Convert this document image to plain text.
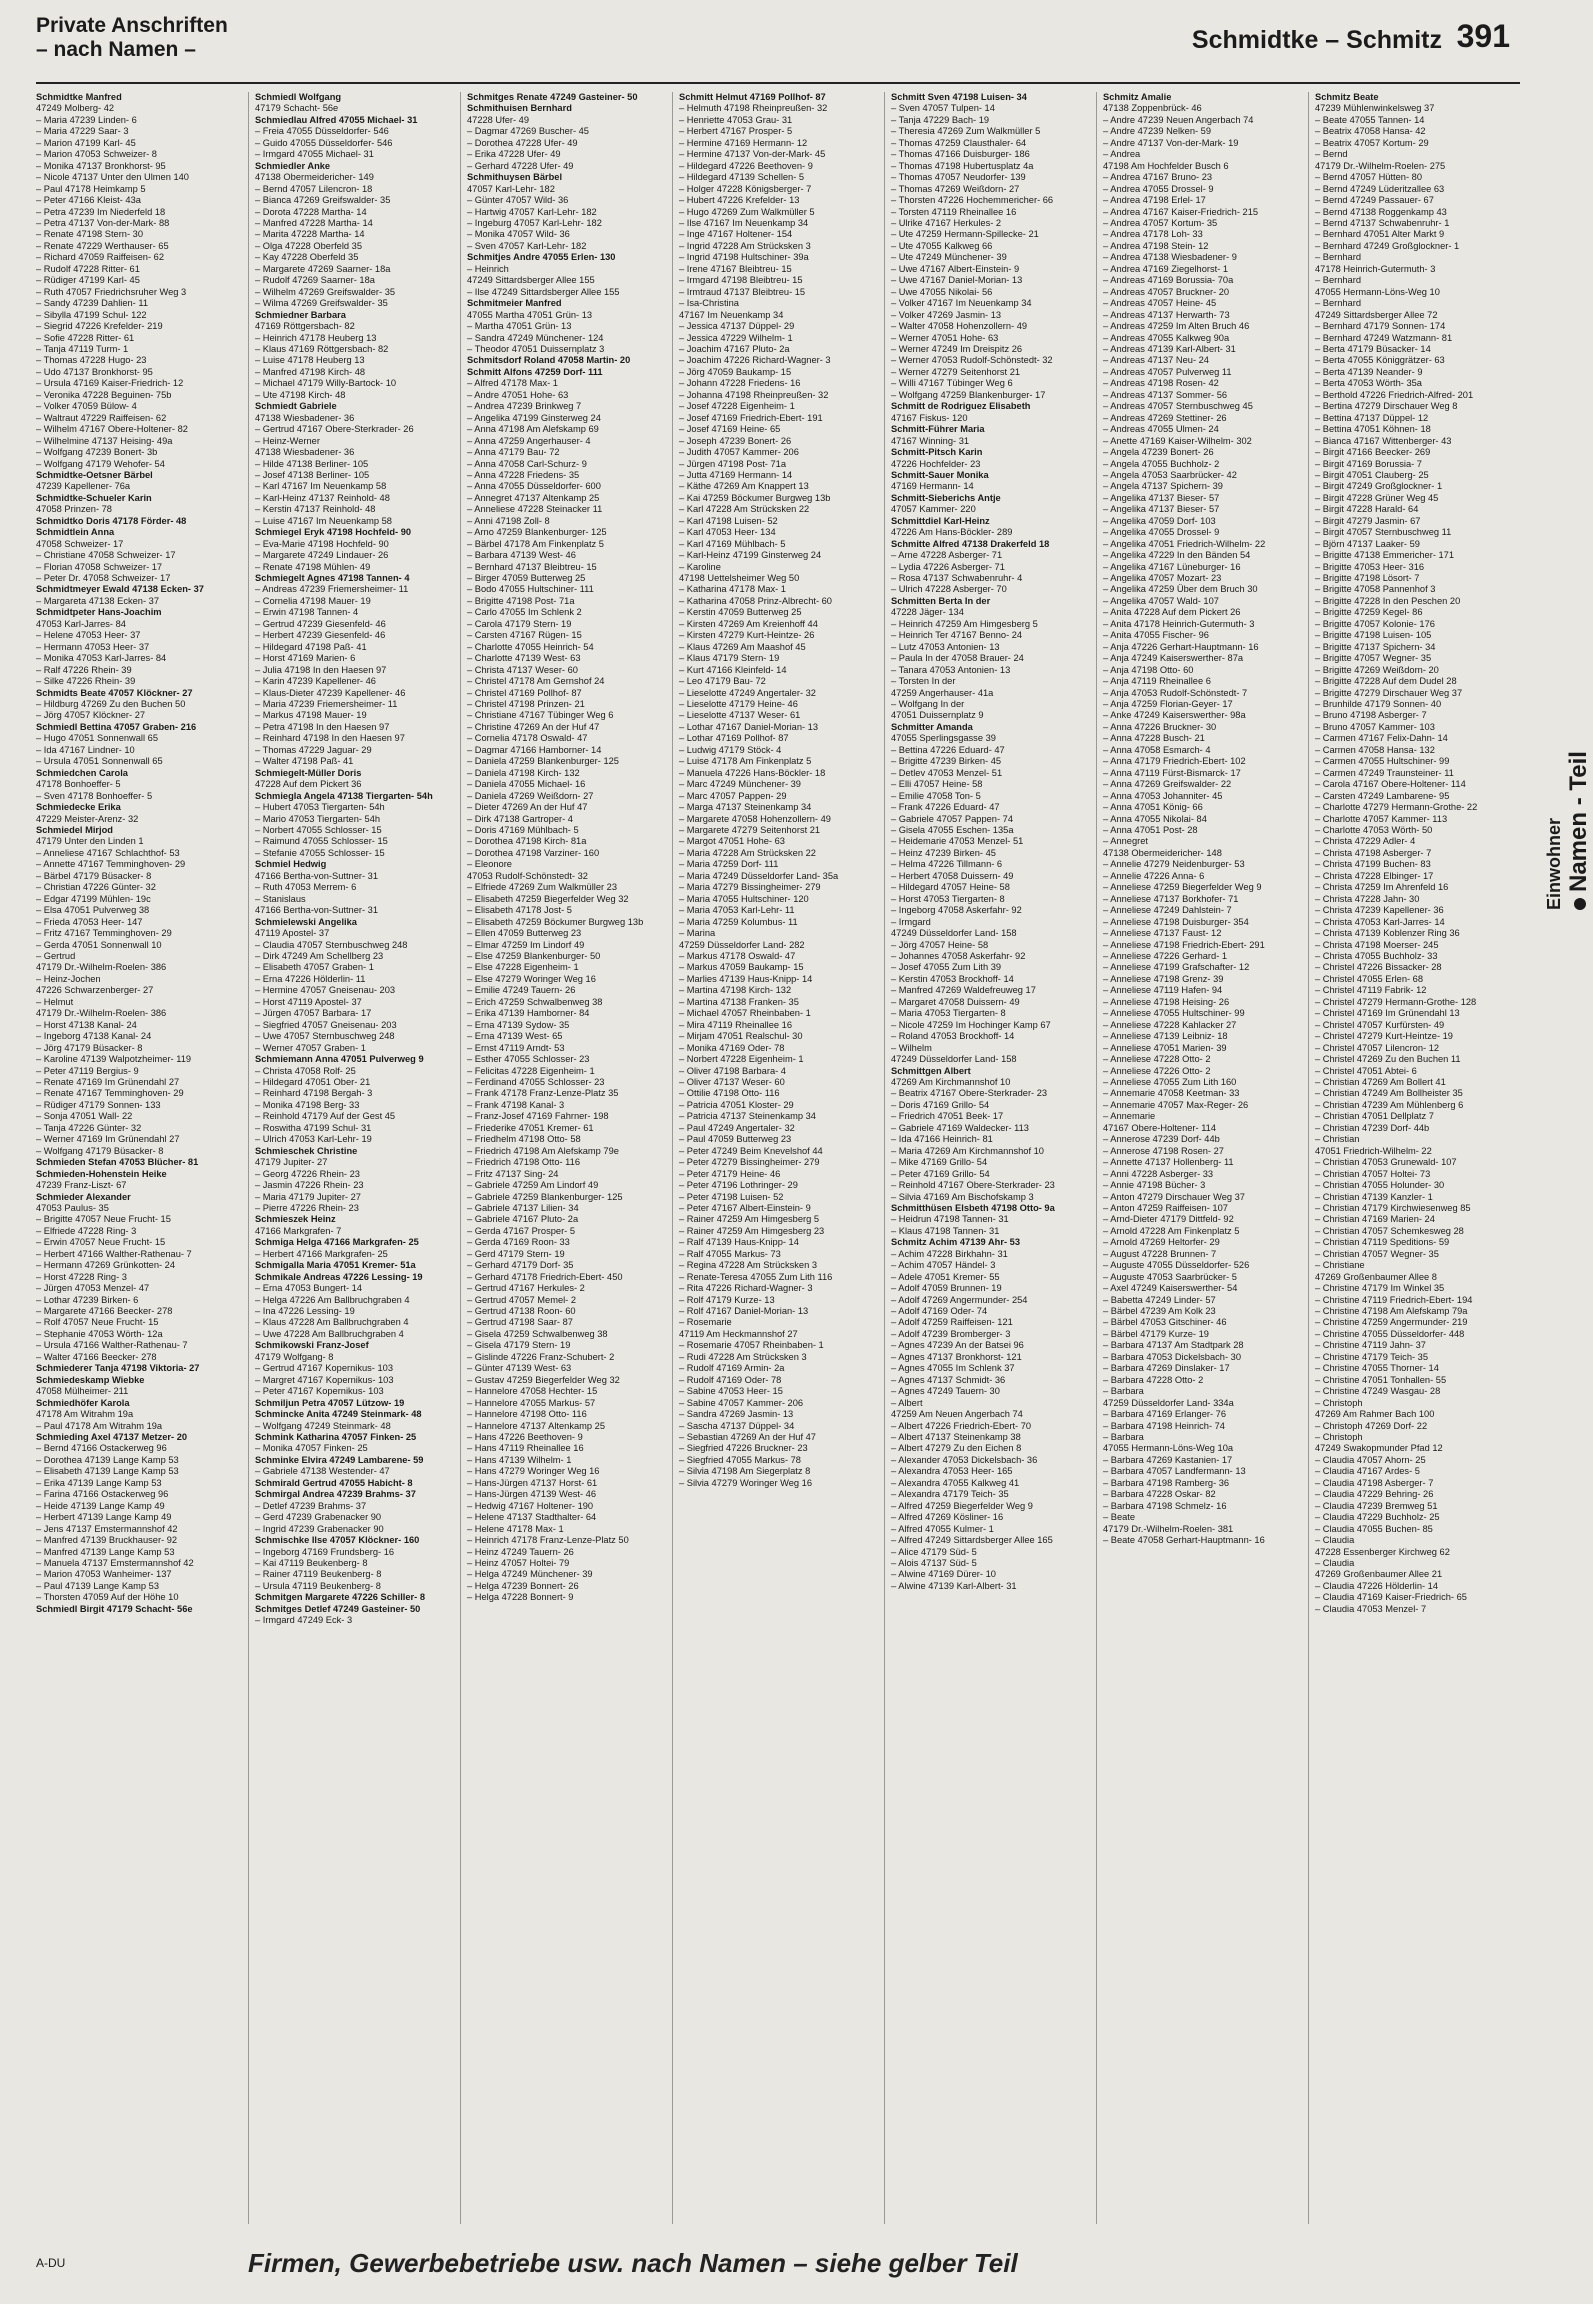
Private Anschriften
– nach Namen –	Schmidtke – Schmitz 391
Schmidtke Manfred
47249 Molberg- 42
– Maria 47239 Linden- 6
– Maria 47229 Saar- 3
– Marion 47199 Karl- 45
– Marion 47053 Schweizer- 8
– Monika 47137 Bronkhorst- 95
– Nicole 47137 Unter den Ulmen 140
– Paul 47178 Heimkamp 5
– Peter 47166 Kleist- 43a
– Petra 47239 Im Niederfeld 18
– Petra 47137 Von-der-Mark- 88
– Renate 47198 Stern- 30
– Renate 47229 Werthauser- 65
– Richard 47059 Raiffeisen- 62
– Rudolf 47228 Ritter- 61
– Rüdiger 47199 Karl- 45
– Ruth 47057 Friedrichsruher Weg 3
– Sandy 47239 Dahlien- 11
– Sibylla 47199 Schul- 122
– Siegrid 47226 Krefelder- 219
– Sofie 47228 Ritter- 61
– Tanja 47119 Turm- 1
– Thomas 47228 Hugo- 23
– Udo 47137 Bronkhorst- 95
– Ursula 47169 Kaiser-Friedrich- 12
– Veronika 47228 Beguinen- 75b
– Volker 47059 Bülow- 4
– Waltraut 47229 Raiffeisen- 62
– Wilhelm 47167 Obere-Holtener- 82
– Wilhelmine 47137 Heising- 49a
– Wolfgang 47239 Bonert- 3b
– Wolfgang 47179 Wehofer- 54
Schmidtke-Oetsner Bärbel
47239 Kapellener- 76a
Schmidtke-Schueler Karin
47058 Prinzen- 78
Schmidtko Doris 47178 Förder- 48
Schmidtlein Anna
47058 Schweizer- 17
– Christiane 47058 Schweizer- 17
– Florian 47058 Schweizer- 17
– Peter Dr. 47058 Schweizer- 17
Schmidtmeyer Ewald 47138 Ecken- 37
– Margareta 47138 Ecken- 37
Schmidtpeter Hans-Joachim
47053 Karl-Jarres- 84
– Helene 47053 Heer- 37
– Hermann 47053 Heer- 37
– Monika 47053 Karl-Jarres- 84
– Ralf 47226 Rhein- 39
– Silke 47226 Rhein- 39
Schmidts Beate 47057 Klöckner- 27
– Hildburg 47269 Zu den Buchen 50
– Jörg 47057 Klöckner- 27
Schmiedl Bettina 47057 Graben- 216
– Hugo 47051 Sonnenwall 65
– Ida 47167 Lindner- 10
– Ursula 47051 Sonnenwall 65
Schmiedchen Carola
47178 Bonhoeffer- 5
– Sven 47178 Bonhoeffer- 5
Schmiedecke Erika
47229 Meister-Arenz- 32
Schmiedel Mirjod
47179 Unter den Linden 1
– Anneliese 47167 Schlachthof- 53
– Annette 47167 Temminghoven- 29
– Bärbel 47179 Büsacker- 8
– Christian 47226 Günter- 32
– Edgar 47199 Mühlen- 19c
– Elsa 47051 Pulverweg 38
– Frieda 47053 Heer- 147
– Fritz 47167 Temminghoven- 29
– Gerda 47051 Sonnenwall 10
– Gertrud
47179 Dr.-Wilhelm-Roelen- 386
– Heinz-Jochen
47226 Schwarzenberger- 27
– Helmut
47179 Dr.-Wilhelm-Roelen- 386
– Horst 47138 Kanal- 24
– Ingeborg 47138 Kanal- 24
– Jörg 47179 Büsacker- 8
– Karoline 47139 Walpotzheimer- 119
– Peter 47119 Bergius- 9
– Renate 47169 Im Grünendahl 27
– Renate 47167 Temminghoven- 29
– Rüdiger 47179 Sonnen- 133
– Sonja 47051 Wall- 22
– Tanja 47226 Günter- 32
– Werner 47169 Im Grünendahl 27
– Wolfgang 47179 Büsacker- 8
Schmieden Stefan 47053 Blücher- 81
Schmieden-Hohenstein Heike
47239 Franz-Liszt- 67
Schmieder Alexander
47053 Paulus- 35
– Brigitte 47057 Neue Frucht- 15
– Elfriede 47228 Ring- 3
– Erwin 47057 Neue Frucht- 15
– Herbert 47166 Walther-Rathenau- 7
– Hermann 47269 Grünkotten- 24
– Horst 47228 Ring- 3
– Jürgen 47053 Menzel- 47
– Lothar 47239 Birken- 6
– Margarete 47166 Beecker- 278
– Rolf 47057 Neue Frucht- 15
– Stephanie 47053 Wörth- 12a
– Ursula 47166 Walther-Rathenau- 7
– Walter 47166 Beecker- 278
Schmiederer Tanja 47198 Viktoria- 27
Schmiedeskamp Wiebke
47058 Mülheimer- 211
Schmiedhöfer Karola
47178 Am Witrahm 19a
– Paul 47178 Am Witrahm 19a
Schmieding Axel 47137 Metzer- 20
– Bernd 47166 Ostackerweg 96
– Dorothea 47139 Lange Kamp 53
– Elisabeth 47139 Lange Kamp 53
– Erika 47139 Lange Kamp 53
– Farina 47166 Ostackerweg 96
– Heide 47139 Lange Kamp 49
– Herbert 47139 Lange Kamp 49
– Jens 47137 Emstermannshof 42
– Manfred 47139 Bruckhauser- 92
– Manfred 47139 Lange Kamp 53
– Manuela 47137 Emstermannshof 42
– Marion 47053 Wanheimer- 137
– Paul 47139 Lange Kamp 53
– Thorsten 47059 Auf der Höhe 10
Schmiedl Birgit 47179 Schacht- 56e
Schmiedl Wolfgang
47179 Schacht- 56e
Schmiedlau Alfred 47055 Michael- 31
– Freia 47055 Düsseldorfer- 546
– Guido 47055 Düsseldorfer- 546
– Irmgard 47055 Michael- 31
Schmiedler Anke
47138 Obermeidericher- 149
– Bernd 47057 Lilencron- 18
– Bianca 47269 Greifswalder- 35
– Dorota 47228 Martha- 14
– Manfred 47228 Martha- 14
– Marita 47228 Martha- 14
– Olga 47228 Oberfeld 35
– Kay 47228 Oberfeld 35
– Margarete 47269 Saarner- 18a
– Rudolf 47269 Saarner- 18a
– Wilhelm 47269 Greifswalder- 35
– Wilma 47269 Greifswalder- 35
Schmiedner Barbara
47169 Röttgersbach- 82
– Heinrich 47178 Heuberg 13
– Klaus 47169 Röttgersbach- 82
– Luise 47178 Heuberg 13
– Manfred 47198 Kirch- 48
– Michael 47179 Willy-Bartock- 10
– Ute 47198 Kirch- 48
Schmiedt Gabriele
47138 Wiesbadener- 36
– Gertrud 47167 Obere-Sterkrader- 26
– Heinz-Werner
47138 Wiesbadener- 36
– Hilde 47138 Berliner- 105
– Josef 47138 Berliner- 105
– Karl 47167 Im Neuenkamp 58
– Karl-Heinz 47137 Reinhold- 48
– Kerstin 47137 Reinhold- 48
– Luise 47167 Im Neuenkamp 58
Schmiegel Eryk 47198 Hochfeld- 90
– Eva-Marie 47198 Hochfeld- 90
– Margarete 47249 Lindauer- 26
– Renate 47198 Mühlen- 49
Schmiegelt Agnes 47198 Tannen- 4
– Andreas 47239 Friemersheimer- 11
– Cornelia 47198 Mauer- 19
– Erwin 47198 Tannen- 4
– Gertrud 47239 Giesenfeld- 46
– Herbert 47239 Giesenfeld- 46
– Hildegard 47198 Paß- 41
– Horst 47169 Marien- 6
– Julia 47198 In den Haesen 97
– Karin 47239 Kapellener- 46
– Klaus-Dieter 47239 Kapellener- 46
– Maria 47239 Friemersheimer- 11
– Markus 47198 Mauer- 19
– Petra 47198 In den Haesen 97
– Reinhard 47198 In den Haesen 97
– Thomas 47229 Jaguar- 29
– Walter 47198 Paß- 41
Schmiegelt-Müller Doris
47228 Auf dem Pickert 36
Schmiegla Angela 47138 Tiergarten- 54h
– Hubert 47053 Tiergarten- 54h
– Mario 47053 Tiergarten- 54h
– Norbert 47055 Schlosser- 15
– Raimund 47055 Schlosser- 15
– Stefanie 47055 Schlosser- 15
Schmiel Hedwig
47166 Bertha-von-Suttner- 31
– Ruth 47053 Merrem- 6
– Stanislaus
47166 Bertha-von-Suttner- 31
Schmielewski Angelika
47119 Apostel- 37
– Claudia 47057 Sternbuschweg 248
– Dirk 47249 Am Schellberg 23
– Elisabeth 47057 Graben- 1
– Erna 47226 Hölderlin- 11
– Hermine 47057 Gneisenau- 203
– Horst 47119 Apostel- 37
– Jürgen 47057 Barbara- 17
– Siegfried 47057 Gneisenau- 203
– Uwe 47057 Sternbuschweg 248
– Werner 47057 Graben- 1
Schmiemann Anna 47051 Pulverweg 9
– Christa 47058 Rolf- 25
– Hildegard 47051 Ober- 21
– Reinhard 47198 Bergah- 3
– Monika 47198 Berg- 33
– Reinhold 47179 Auf der Gest 45
– Roswitha 47199 Schul- 31
– Ulrich 47053 Karl-Lehr- 19
Schmieschek Christine
47179 Jupiter- 27
– Georg 47226 Rhein- 23
– Jasmin 47226 Rhein- 23
– Maria 47179 Jupiter- 27
– Pierre 47226 Rhein- 23
Schmieszek Heinz
47166 Markgrafen- 7
Schmiga Helga 47166 Markgrafen- 25
– Herbert 47166 Markgrafen- 25
Schmigalla Maria 47051 Kremer- 51a
Schmikale Andreas 47226 Lessing- 19
– Erna 47053 Bungert- 14
– Helga 47226 Am Ballbruchgraben 4
– Ina 47226 Lessing- 19
– Klaus 47228 Am Ballbruchgraben 4
– Uwe 47228 Am Ballbruchgraben 4
Schmikowski Franz-Josef
47179 Wolfgang- 8
– Gertrud 47167 Kopernikus- 103
– Margret 47167 Kopernikus- 103
– Peter 47167 Kopernikus- 103
Schmiljun Petra 47057 Lützow- 19
Schmincke Anita 47249 Steinmark- 48
– Wolfgang 47249 Steinmark- 48
Schmink Katharina 47057 Finken- 25
– Monika 47057 Finken- 25
Schminke Elvira 47249 Lambarene- 59
– Gabriele 47138 Westender- 47
Schmirald Gertrud 47055 Habicht- 8
Schmirgal Andrea 47239 Brahms- 37
– Detlef 47239 Brahms- 37
– Gerd 47239 Grabenacker 90
– Ingrid 47239 Grabenacker 90
Schmischke Ilse 47057 Klöckner- 160
– Ingeborg 47169 Frundsberg- 16
– Kai 47119 Beukenberg- 8
– Rainer 47119 Beukenberg- 8
– Ursula 47119 Beukenberg- 8
Schmitgen Margarete 47226 Schiller- 8
Schmitges Detlef 47249 Gasteiner- 50
– Irmgard 47249 Eck- 3
Schmitges Renate 47249 Gasteiner- 50
Schmithuisen Bernhard
47228 Ufer- 49
– Dagmar 47269 Buscher- 45
– Dorothea 47228 Ufer- 49
– Erika 47228 Ufer- 49
– Gerhard 47228 Ufer- 49
Schmithuysen Bärbel
47057 Karl-Lehr- 182
– Günter 47057 Wild- 36
– Hartwig 47057 Karl-Lehr- 182
– Ingeburg 47057 Karl-Lehr- 182
– Monika 47057 Wild- 36
– Sven 47057 Karl-Lehr- 182
Schmitjes Andre 47055 Erlen- 130
– Heinrich
47249 Sittardsberger Allee 155
– Ilse 47249 Sittardsberger Allee 155
Schmitmeier Manfred
47055 Martha 47051 Grün- 13
– Martha 47051 Grün- 13
– Sandra 47249 Münchener- 124
– Theodor 47051 Duissernplatz 3
Schmitsdorf Roland 47058 Martin- 20
Schmitt Alfons 47259 Dorf- 111
– Alfred 47178 Max- 1
– Andre 47051 Hohe- 63
– Andrea 47239 Brinkweg 7
– Angelika 47199 Ginsterweg 24
– Anna 47198 Am Alefskamp 69
– Anna 47259 Angerhauser- 4
– Anna 47179 Bau- 72
– Anna 47058 Carl-Schurz- 9
– Anna 47228 Friedens- 35
– Anna 47055 Düsseldorfer- 600
– Annegret 47137 Altenkamp 25
– Anneliese 47228 Steinacker 11
– Anni 47198 Zoll- 8
– Arno 47259 Blankenburger- 125
– Bärbel 47178 Am Finkenplatz 5
– Barbara 47139 West- 46
– Bernhard 47137 Bleibtreu- 15
– Birger 47059 Butterweg 25
– Bodo 47055 Hultschiner- 111
– Brigitte 47198 Post- 71a
– Carlo 47055 Im Schlenk 2
– Carola 47179 Stern- 19
– Carsten 47167 Rügen- 15
– Charlotte 47055 Heinrich- 54
– Charlotte 47139 West- 63
– Christa 47137 Weser- 60
– Christel 47178 Am Gernshof 24
– Christel 47169 Pollhof- 87
– Christel 47198 Prinzen- 21
– Christiane 47167 Tübinger Weg 6
– Christine 47269 An der Huf 47
– Cornelia 47178 Oswald- 47
– Dagmar 47166 Hamborner- 14
– Daniela 47259 Blankenburger- 125
– Daniela 47198 Kirch- 132
– Daniela 47055 Michael- 16
– Daniela 47269 Weißdorn- 27
– Dieter 47269 An der Huf 47
– Dirk 47138 Gartroper- 4
– Doris 47169 Mühlbach- 5
– Dorothea 47198 Kirch- 81a
– Dorothea 47198 Varziner- 160
– Eleonore
47053 Rudolf-Schönstedt- 32
– Elfriede 47269 Zum Walkmüller 23
– Elisabeth 47259 Biegerfelder Weg 32
– Elisabeth 47178 Jost- 5
– Elisabeth 47259 Böckumer Burgweg 13b
– Ellen 47059 Butterweg 23
– Elmar 47259 Im Lindorf 49
– Else 47259 Blankenburger- 50
– Else 47228 Eigenheim- 1
– Else 47279 Woringer Weg 16
– Emilie 47249 Tauern- 26
– Erich 47259 Schwalbenweg 38
– Erika 47139 Hamborner- 84
– Erna 47139 Sydow- 35
– Erna 47139 West- 65
– Ernst 47119 Arndt- 53
– Esther 47055 Schlosser- 23
– Felicitas 47228 Eigenheim- 1
– Ferdinand 47055 Schlosser- 23
– Frank 47178 Franz-Lenze-Platz 35
– Frank 47198 Kanal- 3
– Franz-Josef 47169 Fahrner- 198
– Friederike 47051 Kremer- 61
– Friedhelm 47198 Otto- 58
– Friedrich 47198 Am Alefskamp 79e
– Friedrich 47198 Otto- 116
– Fritz 47137 Sing- 24
– Gabriele 47259 Am Lindorf 49
– Gabriele 47259 Blankenburger- 125
– Gabriele 47137 Lilien- 34
– Gabriele 47167 Pluto- 2a
– Gerda 47167 Prosper- 5
– Gerda 47169 Roon- 33
– Gerd 47179 Stern- 19
– Gerhard 47179 Dorf- 35
– Gerhard 47178 Friedrich-Ebert- 450
– Gertrud 47167 Herkules- 2
– Gertrud 47057 Memel- 2
– Gertrud 47138 Roon- 60
– Gertrud 47198 Saar- 87
– Gisela 47259 Schwalbenweg 38
– Gisela 47179 Stern- 19
– Gislinde 47226 Franz-Schubert- 2
– Günter 47139 West- 63
– Gustav 47259 Biegerfelder Weg 32
– Hannelore 47058 Hechter- 15
– Hannelore 47055 Markus- 57
– Hannelore 47198 Otto- 116
– Hannelore 47137 Altenkamp 25
– Hans 47226 Beethoven- 9
– Hans 47119 Rheinallee 16
– Hans 47139 Wilhelm- 1
– Hans 47279 Woringer Weg 16
– Hans-Jürgen 47137 Horst- 61
– Hans-Jürgen 47139 West- 46
– Hedwig 47167 Holtener- 190
– Helene 47137 Stadthalter- 64
– Helene 47178 Max- 1
– Heinrich 47178 Franz-Lenze-Platz 50
– Heinz 47249 Tauern- 26
– Heinz 47057 Holtei- 79
– Helga 47249 Münchener- 39
– Helga 47239 Bonnert- 26
– Helga 47228 Bonnert- 9
Schmitt Helmut 47169 Pollhof- 87
– Helmuth 47198 Rheinpreußen- 32
– Henriette 47053 Grau- 31
– Herbert 47167 Prosper- 5
– Hermine 47169 Hermann- 12
– Hermine 47137 Von-der-Mark- 45
– Hildegard 47226 Beethoven- 9
– Hildegard 47139 Schellen- 5
– Holger 47228 Königsberger- 7
– Hubert 47226 Krefelder- 13
– Hugo 47269 Zum Walkmüller 5
– Ilse 47167 Im Neuenkamp 34
– Inge 47167 Holtener- 154
– Ingrid 47228 Am Strücksken 3
– Ingrid 47198 Hultschiner- 39a
– Irene 47167 Bleibtreu- 15
– Irmgard 47198 Bleibtreu- 15
– Irmtraud 47137 Bleibtreu- 15
– Isa-Christina
47167 Im Neuenkamp 34
– Jessica 47137 Düppel- 29
– Jessica 47229 Wilhelm- 1
– Joachim 47167 Pluto- 2a
– Joachim 47226 Richard-Wagner- 3
– Jörg 47059 Baukamp- 15
– Johann 47228 Friedens- 16
– Johanna 47198 Rheinpreußen- 32
– Josef 47228 Eigenheim- 1
– Josef 47169 Friedrich-Ebert- 191
– Josef 47169 Heine- 65
– Joseph 47239 Bonert- 26
– Judith 47057 Kammer- 206
– Jürgen 47198 Post- 71a
– Jutta 47169 Hermann- 14
– Käthe 47269 Am Knappert 13
– Kai 47259 Böckumer Burgweg 13b
– Karl 47228 Am Strücksken 22
– Karl 47198 Luisen- 52
– Karl 47053 Heer- 134
– Karl 47169 Mühlbach- 5
– Karl-Heinz 47199 Ginsterweg 24
– Karoline
47198 Uettelsheimer Weg 50
– Katharina 47178 Max- 1
– Katharina 47058 Prinz-Albrecht- 60
– Kerstin 47059 Butterweg 25
– Kirsten 47269 Am Kreienhoff 44
– Kirsten 47279 Kurt-Heintze- 26
– Klaus 47269 Am Maashof 45
– Klaus 47179 Stern- 19
– Kurt 47166 Kleinfeld- 14
– Leo 47179 Bau- 72
– Lieselotte 47249 Angertaler- 32
– Lieselotte 47179 Heine- 46
– Lieselotte 47137 Weser- 61
– Lothar 47167 Daniel-Morian- 13
– Lothar 47169 Pollhof- 87
– Ludwig 47179 Stöck- 4
– Luise 47178 Am Finkenplatz 5
– Manuela 47226 Hans-Böckler- 18
– Marc 47249 Münchener- 39
– Marc 47057 Pappen- 29
– Marga 47137 Steinenkamp 34
– Margarete 47058 Hohenzollern- 49
– Margarete 47279 Seitenhorst 21
– Margot 47051 Hohe- 63
– Maria 47228 Am Strücksken 22
– Maria 47259 Dorf- 111
– Maria 47249 Düsseldorfer Land- 35a
– Maria 47279 Bissingheimer- 279
– Maria 47055 Hultschiner- 120
– Maria 47053 Karl-Lehr- 11
– Maria 47259 Kolumbus- 11
– Marina
47259 Düsseldorfer Land- 282
– Markus 47178 Oswald- 47
– Markus 47059 Baukamp- 15
– Marlies 47139 Haus-Knipp- 14
– Martina 47198 Kirch- 132
– Martina 47138 Franken- 35
– Michael 47057 Rheinbaben- 1
– Mira 47119 Rheinallee 16
– Mirjam 47051 Realschul- 30
– Monika 47169 Oder- 78
– Norbert 47228 Eigenheim- 1
– Oliver 47198 Barbara- 4
– Oliver 47137 Weser- 60
– Ottilie 47198 Otto- 116
– Patricia 47051 Kloster- 29
– Patricia 47137 Steinenkamp 34
– Paul 47249 Angertaler- 32
– Paul 47059 Butterweg 23
– Peter 47249 Beim Knevelshof 44
– Peter 47279 Bissingheimer- 279
– Peter 47179 Heine- 46
– Peter 47196 Lothringer- 29
– Peter 47198 Luisen- 52
– Peter 47167 Albert-Einstein- 9
– Rainer 47259 Am Himgesberg 5
– Rainer 47259 Am Himgesberg 23
– Ralf 47139 Haus-Knipp- 14
– Ralf 47055 Markus- 73
– Regina 47228 Am Strücksken 3
– Renate-Teresa 47055 Zum Lith 116
– Rita 47226 Richard-Wagner- 3
– Rolf 47179 Kurze- 13
– Rolf 47167 Daniel-Morian- 13
– Rosemarie
47119 Am Heckmannshof 27
– Rosemarie 47057 Rheinbaben- 1
– Rudi 47228 Am Strücksken 3
– Rudolf 47169 Armin- 2a
– Rudolf 47169 Oder- 78
– Sabine 47053 Heer- 15
– Sabine 47057 Kammer- 206
– Sandra 47269 Jasmin- 13
– Sascha 47137 Düppel- 34
– Sebastian 47269 An der Huf 47
– Siegfried 47226 Bruckner- 23
– Siegfried 47055 Markus- 78
– Silvia 47198 Am Siegerplatz 8
– Silvia 47279 Woringer Weg 16
Schmitt Sven 47198 Luisen- 34
– Sven 47057 Tulpen- 14
– Tanja 47229 Bach- 19
– Theresia 47269 Zum Walkmüller 5
– Thomas 47259 Clausthaler- 64
– Thomas 47166 Duisburger- 186
– Thomas 47198 Hubertusplatz 4a
– Thomas 47057 Neudorfer- 139
– Thomas 47269 Weißdorn- 27
– Thorsten 47226 Hochemmericher- 66
– Torsten 47119 Rheinallee 16
– Ulrike 47167 Herkules- 2
– Ute 47259 Hermann-Spillecke- 21
– Ute 47055 Kalkweg 66
– Ute 47249 Münchener- 39
– Uwe 47167 Albert-Einstein- 9
– Uwe 47167 Daniel-Morian- 13
– Uwe 47055 Nikolai- 56
– Volker 47167 Im Neuenkamp 34
– Volker 47269 Jasmin- 13
– Walter 47058 Hohenzollern- 49
– Werner 47051 Hohe- 63
– Werner 47249 Im Dreispitz 26
– Werner 47053 Rudolf-Schönstedt- 32
– Werner 47279 Seitenhorst 21
– Willi 47167 Tübinger Weg 6
– Wolfgang 47259 Blankenburger- 17
Schmitt de Rodriguez Elisabeth
47167 Fiskus- 120
Schmitt-Führer Maria
47167 Winning- 31
Schmitt-Pitsch Karin
47226 Hochfelder- 23
Schmitt-Sauer Monika
47169 Hermann- 14
Schmitt-Sieberichs Antje
47057 Kammer- 220
Schmittdiel Karl-Heinz
47226 Am Hans-Böckler- 289
Schmitte Alfred 47138 Drakerfeld 18
– Arne 47228 Asberger- 71
– Lydia 47226 Asberger- 71
– Rosa 47137 Schwabenruhr- 4
– Ulrich 47228 Asberger- 70
Schmitten Berta In der
47228 Jäger- 134
– Heinrich 47259 Am Himgesberg 5
– Heinrich Ter 47167 Benno- 24
– Lutz 47053 Antonien- 13
– Paula In der 47058 Brauer- 24
– Tanara 47053 Antonien- 13
– Torsten In der
47259 Angerhauser- 41a
– Wolfgang In der
47051 Duissernplatz 9
Schmitter Amanda
47055 Sperlingsgasse 39
– Bettina 47226 Eduard- 47
– Brigitte 47239 Birken- 45
– Detlev 47053 Menzel- 51
– Elli 47057 Heine- 58
– Emilie 47058 Ton- 5
– Frank 47226 Eduard- 47
– Gabriele 47057 Pappen- 74
– Gisela 47055 Eschen- 135a
– Heidemarie 47053 Menzel- 51
– Heinz 47239 Birken- 45
– Helma 47226 Tillmann- 6
– Herbert 47058 Duissern- 49
– Hildegard 47057 Heine- 58
– Horst 47053 Tiergarten- 8
– Ingeborg 47058 Askerfahr- 92
– Irmgard
47249 Düsseldorfer Land- 158
– Jörg 47057 Heine- 58
– Johannes 47058 Askerfahr- 92
– Josef 47055 Zum Lith 39
– Kerstin 47053 Brockhoff- 14
– Manfred 47269 Waldefreuweg 17
– Margaret 47058 Duissern- 49
– Maria 47053 Tiergarten- 8
– Nicole 47259 Im Hochinger Kamp 67
– Roland 47053 Brockhoff- 14
– Wilhelm
47249 Düsseldorfer Land- 158
Schmittgen Albert
47269 Am Kirchmannshof 10
– Beatrix 47167 Obere-Sterkrader- 23
– Doris 47169 Grillo- 54
– Friedrich 47051 Beek- 17
– Gabriele 47169 Waldecker- 113
– Ida 47166 Heinrich- 81
– Maria 47269 Am Kirchmannshof 10
– Mike 47169 Grillo- 54
– Peter 47169 Grillo- 54
– Reinhold 47167 Obere-Sterkrader- 23
– Silvia 47169 Am Bischofskamp 3
Schmitthüsen Elsbeth 47198 Otto- 9a
– Heidrun 47198 Tannen- 31
– Klaus 47198 Tannen- 31
Schmitz Achim 47139 Ahr- 53
– Achim 47228 Birkhahn- 31
– Achim 47057 Händel- 3
– Adele 47051 Kremer- 55
– Adolf 47059 Brunnen- 19
– Adolf 47269 Angermunder- 254
– Adolf 47169 Oder- 74
– Adolf 47259 Raiffeisen- 121
– Adolf 47239 Bromberger- 3
– Agnes 47239 An der Batsei 96
– Agnes 47137 Bronkhorst- 121
– Agnes 47055 Im Schlenk 37
– Agnes 47137 Schmidt- 36
– Agnes 47249 Tauern- 30
– Albert
47259 Am Neuen Angerbach 74
– Albert 47226 Friedrich-Ebert- 70
– Albert 47137 Steinenkamp 38
– Albert 47279 Zu den Eichen 8
– Alexander 47053 Dickelsbach- 36
– Alexandra 47053 Heer- 165
– Alexandra 47055 Kalkweg 41
– Alexandra 47179 Teich- 35
– Alfred 47259 Biegerfelder Weg 9
– Alfred 47269 Kösliner- 16
– Alfred 47055 Kulmer- 1
– Alfred 47249 Sittardsberger Allee 165
– Alice 47179 Süd- 5
– Alois 47137 Süd- 5
– Alwine 47169 Dürer- 10
– Alwine 47139 Karl-Albert- 31
Schmitz Amalie
47138 Zoppenbrück- 46
– Andre 47239 Neuen Angerbach 74
– Andre 47239 Nelken- 59
– Andre 47137 Von-der-Mark- 19
– Andrea
47198 Am Hochfelder Busch 6
– Andrea 47167 Bruno- 23
– Andrea 47055 Drossel- 9
– Andrea 47198 Erlel- 17
– Andrea 47167 Kaiser-Friedrich- 215
– Andrea 47057 Kortum- 35
– Andrea 47178 Loh- 33
– Andrea 47198 Stein- 12
– Andrea 47138 Wiesbadener- 9
– Andrea 47169 Ziegelhorst- 1
– Andreas 47169 Borussia- 70a
– Andreas 47057 Bruckner- 20
– Andreas 47057 Heine- 45
– Andreas 47137 Herwarth- 73
– Andreas 47259 Im Alten Bruch 46
– Andreas 47055 Kalkweg 90a
– Andreas 47139 Karl-Albert- 31
– Andreas 47137 Neu- 24
– Andreas 47057 Pulverweg 11
– Andreas 47198 Rosen- 42
– Andreas 47137 Sommer- 56
– Andreas 47057 Sternbuschweg 45
– Andreas 47269 Stettiner- 26
– Andreas 47055 Ulmen- 24
– Anette 47169 Kaiser-Wilhelm- 302
– Angela 47239 Bonert- 26
– Angela 47055 Buchholz- 2
– Angela 47053 Saarbrücker- 42
– Angela 47137 Spichern- 39
– Angelika 47137 Bieser- 57
– Angelika 47137 Bieser- 57
– Angelika 47059 Dorf- 103
– Angelika 47055 Drossel- 9
– Angelika 47051 Friedrich-Wilhelm- 22
– Angelika 47229 In den Bänden 54
– Angelika 47167 Lüneburger- 16
– Angelika 47057 Mozart- 23
– Angelika 47259 Über dem Bruch 30
– Angelika 47057 Wald- 107
– Anita 47228 Auf dem Pickert 26
– Anita 47178 Heinrich-Gutermuth- 3
– Anita 47055 Fischer- 96
– Anja 47226 Gerhart-Hauptmann- 16
– Anja 47249 Kaiserswerther- 87a
– Anja 47198 Otto- 60
– Anja 47119 Rheinallee 6
– Anja 47053 Rudolf-Schönstedt- 7
– Anja 47259 Florian-Geyer- 17
– Anke 47249 Kaiserswerther- 98a
– Anna 47226 Bruckner- 30
– Anna 47228 Busch- 21
– Anna 47058 Esmarch- 4
– Anna 47179 Friedrich-Ebert- 102
– Anna 47119 Fürst-Bismarck- 17
– Anna 47269 Greifswalder- 22
– Anna 47053 Johanniter- 45
– Anna 47051 König- 66
– Anna 47055 Nikolai- 84
– Anna 47051 Post- 28
– Annegret
47138 Obermeidericher- 148
– Annelie 47279 Neidenburger- 53
– Annelie 47226 Anna- 6
– Anneliese 47259 Biegerfelder Weg 9
– Anneliese 47137 Borkhofer- 71
– Anneliese 47249 Dahlstein- 7
– Anneliese 47198 Duisburger- 354
– Anneliese 47137 Faust- 12
– Anneliese 47198 Friedrich-Ebert- 291
– Anneliese 47226 Gerhard- 1
– Anneliese 47199 Grafschafter- 12
– Anneliese 47198 Grenz- 39
– Anneliese 47119 Hafen- 94
– Anneliese 47198 Heising- 26
– Anneliese 47055 Hultschiner- 99
– Anneliese 47228 Kahlacker 27
– Anneliese 47139 Leibniz- 18
– Anneliese 47051 Marien- 39
– Anneliese 47228 Otto- 2
– Anneliese 47226 Otto- 2
– Anneliese 47055 Zum Lith 160
– Annemarie 47058 Keetman- 33
– Annemarie 47057 Max-Reger- 26
– Annemarie
47167 Obere-Holtener- 114
– Annerose 47239 Dorf- 44b
– Annerose 47198 Rosen- 27
– Annette 47137 Hollenberg- 11
– Anni 47228 Asberger- 33
– Annie 47198 Bücher- 3
– Anton 47279 Dirschauer Weg 37
– Anton 47259 Raiffeisen- 107
– Arnd-Dieter 47179 Dittfeld- 92
– Arnold 47228 Am Finkenplatz 5
– Arnold 47269 Heltorfer- 29
– August 47228 Brunnen- 7
– Auguste 47055 Düsseldorfer- 526
– Auguste 47053 Saarbrücker- 5
– Axel 47249 Kaiserswerther- 54
– Babetta 47249 Linder- 57
– Bärbel 47239 Am Kolk 23
– Bärbel 47053 Gitschiner- 46
– Bärbel 47179 Kurze- 19
– Barbara 47137 Am Stadtpark 28
– Barbara 47053 Dickelsbach- 30
– Barbara 47269 Dinslaker- 17
– Barbara 47228 Otto- 2
– Barbara
47259 Düsseldorfer Land- 334a
– Barbara 47169 Erlanger- 76
– Barbara 47198 Heinrich- 74
– Barbara
47055 Hermann-Löns-Weg 10a
– Barbara 47269 Kastanien- 17
– Barbara 47057 Landfermann- 13
– Barbara 47198 Ramberg- 36
– Barbara 47228 Oskar- 82
– Barbara 47198 Schmelz- 16
– Beate
47179 Dr.-Wilhelm-Roelen- 381
– Beate 47058 Gerhart-Hauptmann- 16
Schmitz Beate
47239 Mühlenwinkelsweg 37
– Beate 47055 Tannen- 14
– Beatrix 47058 Hansa- 42
– Beatrix 47057 Kortum- 29
– Bernd
47179 Dr.-Wilhelm-Roelen- 275
– Bernd 47057 Hütten- 80
– Bernd 47249 Lüderitzallee 63
– Bernd 47249 Passauer- 67
– Bernd 47138 Roggenkamp 43
– Bernd 47137 Schwabenruhr- 1
– Bernhard 47051 Alter Markt 9
– Bernhard 47249 Großglockner- 1
– Bernhard
47178 Heinrich-Gutermuth- 3
– Bernhard
47055 Hermann-Löns-Weg 10
– Bernhard
47249 Sittardsberger Allee 72
– Bernhard 47179 Sonnen- 174
– Bernhard 47249 Watzmann- 81
– Berta 47179 Büsacker- 14
– Berta 47055 Königgrätzer- 63
– Berta 47139 Neander- 9
– Berta 47053 Wörth- 35a
– Berthold 47226 Friedrich-Alfred- 201
– Bertina 47279 Dirschauer Weg 8
– Bettina 47137 Düppel- 12
– Bettina 47051 Köhnen- 18
– Bianca 47167 Wittenberger- 43
– Birgit 47166 Beecker- 269
– Birgit 47169 Borussia- 7
– Birgit 47051 Clauberg- 25
– Birgit 47249 Großglockner- 1
– Birgit 47228 Grüner Weg 45
– Birgit 47228 Harald- 64
– Birgit 47279 Jasmin- 67
– Birgit 47057 Sternbuschweg 11
– Björn 47137 Laaker- 59
– Brigitte 47138 Emmericher- 171
– Brigitte 47053 Heer- 316
– Brigitte 47198 Lösort- 7
– Brigitte 47058 Pannenhof 3
– Brigitte 47228 In den Peschen 20
– Brigitte 47259 Kegel- 86
– Brigitte 47057 Kolonie- 176
– Brigitte 47198 Luisen- 105
– Brigitte 47137 Spichern- 34
– Brigitte 47057 Wegner- 35
– Brigitte 47269 Weißdorn- 20
– Brigitte 47228 Auf dem Dudel 28
– Brigitte 47279 Dirschauer Weg 37
– Brunhilde 47179 Sonnen- 40
– Bruno 47198 Asberger- 7
– Bruno 47057 Kammer- 103
– Carmen 47167 Felix-Dahn- 14
– Carmen 47058 Hansa- 132
– Carmen 47055 Hultschiner- 99
– Carmen 47249 Traunsteiner- 11
– Carola 47167 Obere-Holtener- 114
– Carsten 47249 Lambarene- 95
– Charlotte 47279 Hermann-Grothe- 22
– Charlotte 47057 Kammer- 113
– Charlotte 47053 Wörth- 50
– Christa 47229 Adler- 4
– Christa 47198 Asberger- 7
– Christa 47199 Buchen- 83
– Christa 47228 Elbinger- 17
– Christa 47259 Im Ahrenfeld 16
– Christa 47228 Jahn- 30
– Christa 47239 Kapellener- 36
– Christa 47053 Karl-Jarres- 14
– Christa 47139 Koblenzer Ring 36
– Christa 47198 Moerser- 245
– Christa 47055 Buchholz- 33
– Christel 47226 Bissacker- 28
– Christel 47055 Erlen- 68
– Christel 47119 Fabrik- 12
– Christel 47279 Hermann-Grothe- 128
– Christel 47169 Im Grünendahl 13
– Christel 47057 Kurfürsten- 49
– Christel 47279 Kurt-Heintze- 19
– Christel 47057 Lilencron- 12
– Christel 47269 Zu den Buchen 11
– Christel 47051 Abtei- 6
– Christian 47269 Am Bollert 41
– Christian 47249 Am Bollheister 35
– Christian 47239 Am Mühlenberg 6
– Christian 47051 Dellplatz 7
– Christian 47239 Dorf- 44b
– Christian
47051 Friedrich-Wilhelm- 22
– Christian 47053 Grunewald- 107
– Christian 47057 Holtei- 73
– Christian 47055 Holunder- 30
– Christian 47139 Kanzler- 1
– Christian 47179 Kirchwiesenweg 85
– Christian 47169 Marien- 24
– Christian 47057 Schemkesweg 28
– Christian 47119 Speditions- 59
– Christian 47057 Wegner- 35
– Christiane
47269 Großenbaumer Allee 8
– Christine 47179 Im Winkel 35
– Christine 47119 Friedrich-Ebert- 194
– Christine 47198 Am Alefskamp 79a
– Christine 47259 Angermunder- 219
– Christine 47055 Düsseldorfer- 448
– Christine 47119 Jahn- 37
– Christine 47179 Teich- 35
– Christine 47055 Thorner- 14
– Christine 47051 Tonhallen- 55
– Christine 47249 Wasgau- 28
– Christoph
47269 Am Rahmer Bach 100
– Christoph 47269 Dorf- 22
– Christoph
47249 Swakopmunder Pfad 12
– Claudia 47057 Ahorn- 25
– Claudia 47167 Ardes- 5
– Claudia 47198 Asberger- 7
– Claudia 47229 Behring- 26
– Claudia 47239 Bremweg 51
– Claudia 47229 Buchholz- 25
– Claudia 47055 Buchen- 85
– Claudia
47228 Essenberger Kirchweg 62
– Claudia
47269 Großenbaumer Allee 21
– Claudia 47226 Hölderlin- 14
– Claudia 47169 Kaiser-Friedrich- 65
– Claudia 47053 Menzel- 7
Einwohner Namen - Teil
A-DU	Firmen, Gewerbebetriebe usw. nach Namen – siehe gelber Teil
